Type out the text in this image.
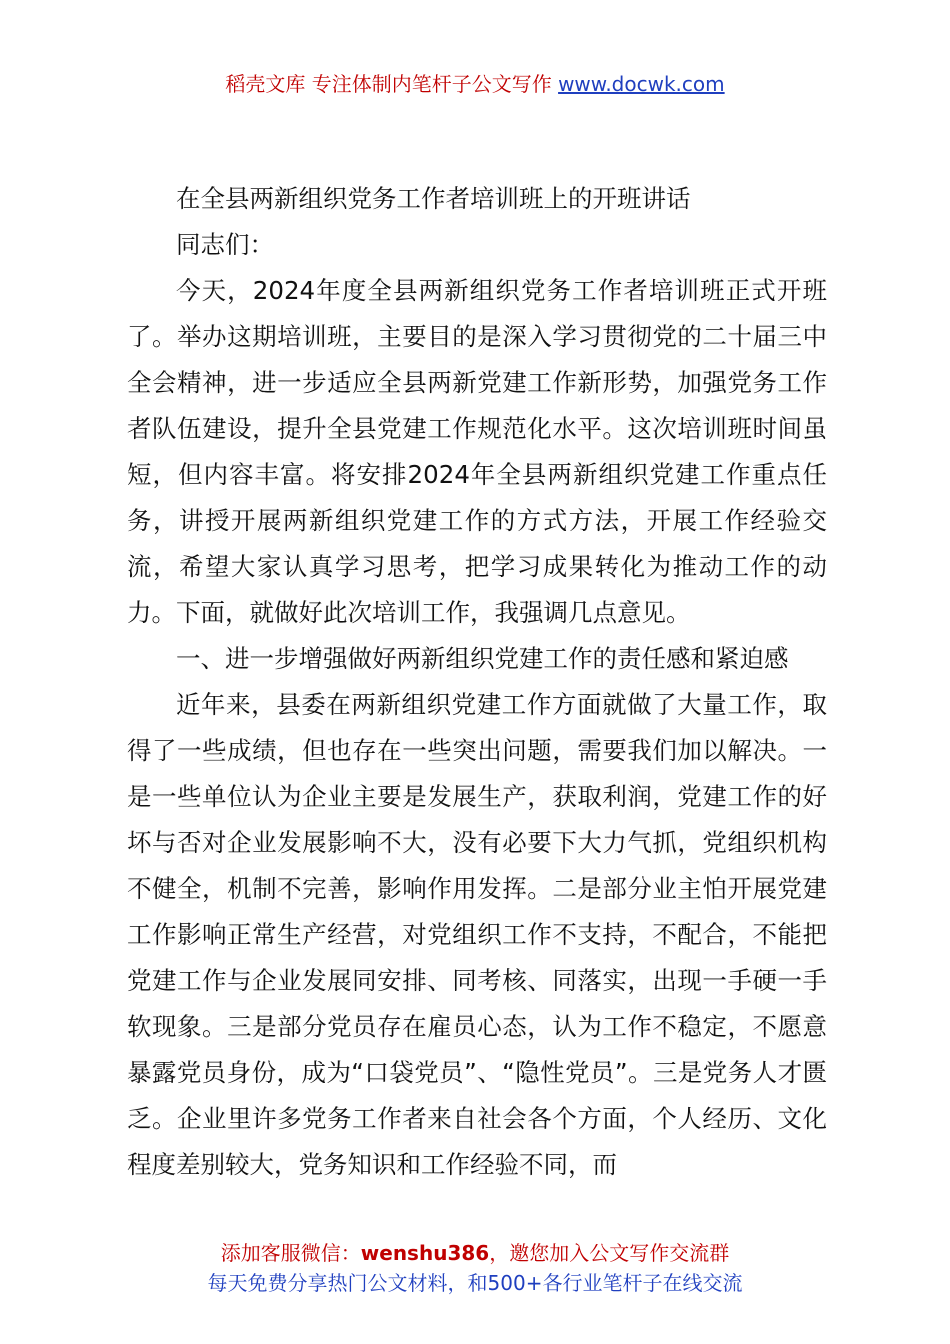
稻壳文库 专注体制内笔杆子公文写作 www.docwk.com

在全县两新组织党务工作者培训班上的开班讲话

同志们：

今天，2024年度全县两新组织党务工作者培训班正式开班了。举办这期培训班，主要目的是深入学习贯彻党的二十届三中全会精神，进一步适应全县两新党建工作新形势，加强党务工作者队伍建设，提升全县党建工作规范化水平。这次培训班时间虽短，但内容丰富。将安排2024年全县两新组织党建工作重点任务，讲授开展两新组织党建工作的方式方法，开展工作经验交流，希望大家认真学习思考，把学习成果转化为推动工作的动力。下面，就做好此次培训工作，我强调几点意见。

一、进一步增强做好两新组织党建工作的责任感和紧迫感

近年来，县委在两新组织党建工作方面就做了大量工作，取得了一些成绩，但也存在一些突出问题，需要我们加以解决。一是一些单位认为企业主要是发展生产，获取利润，党建工作的好坏与否对企业发展影响不大，没有必要下大力气抓，党组织机构不健全，机制不完善，影响作用发挥。二是部分业主怕开展党建工作影响正常生产经营，对党组织工作不支持，不配合，不能把党建工作与企业发展同安排、同考核、同落实，出现一手硬一手软现象。三是部分党员存在雇员心态，认为工作不稳定，不愿意暴露党员身份，成为“口袋党员”、“隐性党员”。三是党务人才匮乏。企业里许多党务工作者来自社会各个方面，个人经历、文化程度差别较大，党务知识和工作经验不同，而

添加客服微信：wenshu386，邀您加入公文写作交流群
每天免费分享热门公文材料，和500+各行业笔杆子在线交流
